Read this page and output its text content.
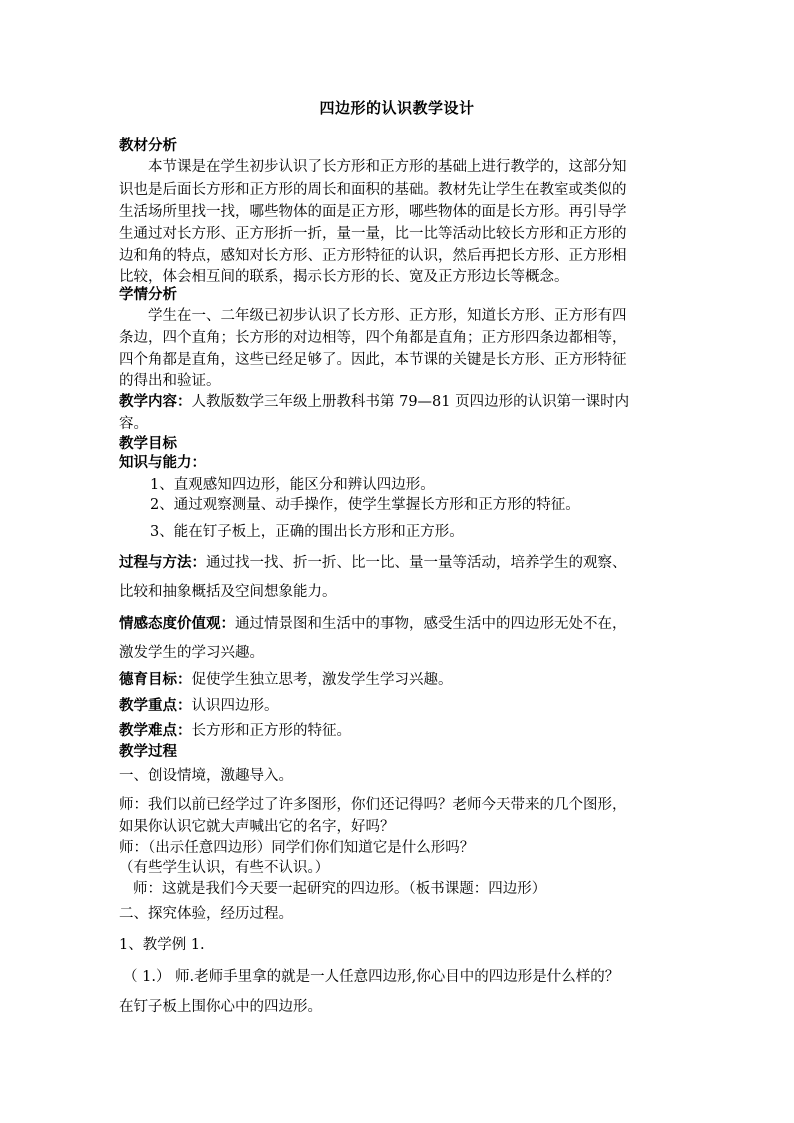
四边形的认识教学设计
教材分析
本节课是在学生初步认识了长方形和正方形的基础上进行教学的，这部分知
识也是后面长方形和正方形的周长和面积的基础。教材先让学生在教室或类似的
生活场所里找一找，哪些物体的面是正方形，哪些物体的面是长方形。再引导学
生通过对长方形、正方形折一折，量一量，比一比等活动比较长方形和正方形的
边和角的特点，感知对长方形、正方形特征的认识，然后再把长方形、正方形相
比较，体会相互间的联系，揭示长方形的长、宽及正方形边长等概念。
学情分析
学生在一、二年级已初步认识了长方形、正方形，知道长方形、正方形有四
条边，四个直角；长方形的对边相等，四个角都是直角；正方形四条边都相等，
四个角都是直角，这些已经足够了。因此，本节课的关键是长方形、正方形特征
的得出和验证。
教学内容：人教版数学三年级上册教科书第 79—81 页四边形的认识第一课时内
容。
教学目标
知识与能力：
1、直观感知四边形，能区分和辨认四边形。
2、通过观察测量、动手操作，使学生掌握长方形和正方形的特征。
3、能在钉子板上，正确的围出长方形和正方形。
过程与方法：通过找一找、折一折、比一比、量一量等活动，培养学生的观察、
比较和抽象概括及空间想象能力。
情感态度价值观：通过情景图和生活中的事物，感受生活中的四边形无处不在，
激发学生的学习兴趣。
德育目标：促使学生独立思考，激发学生学习兴趣。
教学重点：认识四边形。
教学难点：长方形和正方形的特征。
教学过程
一、创设情境，激趣导入。
师：我们以前已经学过了许多图形，你们还记得吗？老师今天带来的几个图形，
如果你认识它就大声喊出它的名字，好吗？
师：（出示任意四边形）同学们你们知道它是什么形吗？
（有些学生认识，有些不认识。）
师：这就是我们今天要一起研究的四边形。（板书课题：四边形）
二、探究体验，经历过程。
1、教学例 1.
（ 1.） 师.老师手里拿的就是一人任意四边形,你心目中的四边形是什么样的？
在钉子板上围你心中的四边形。
